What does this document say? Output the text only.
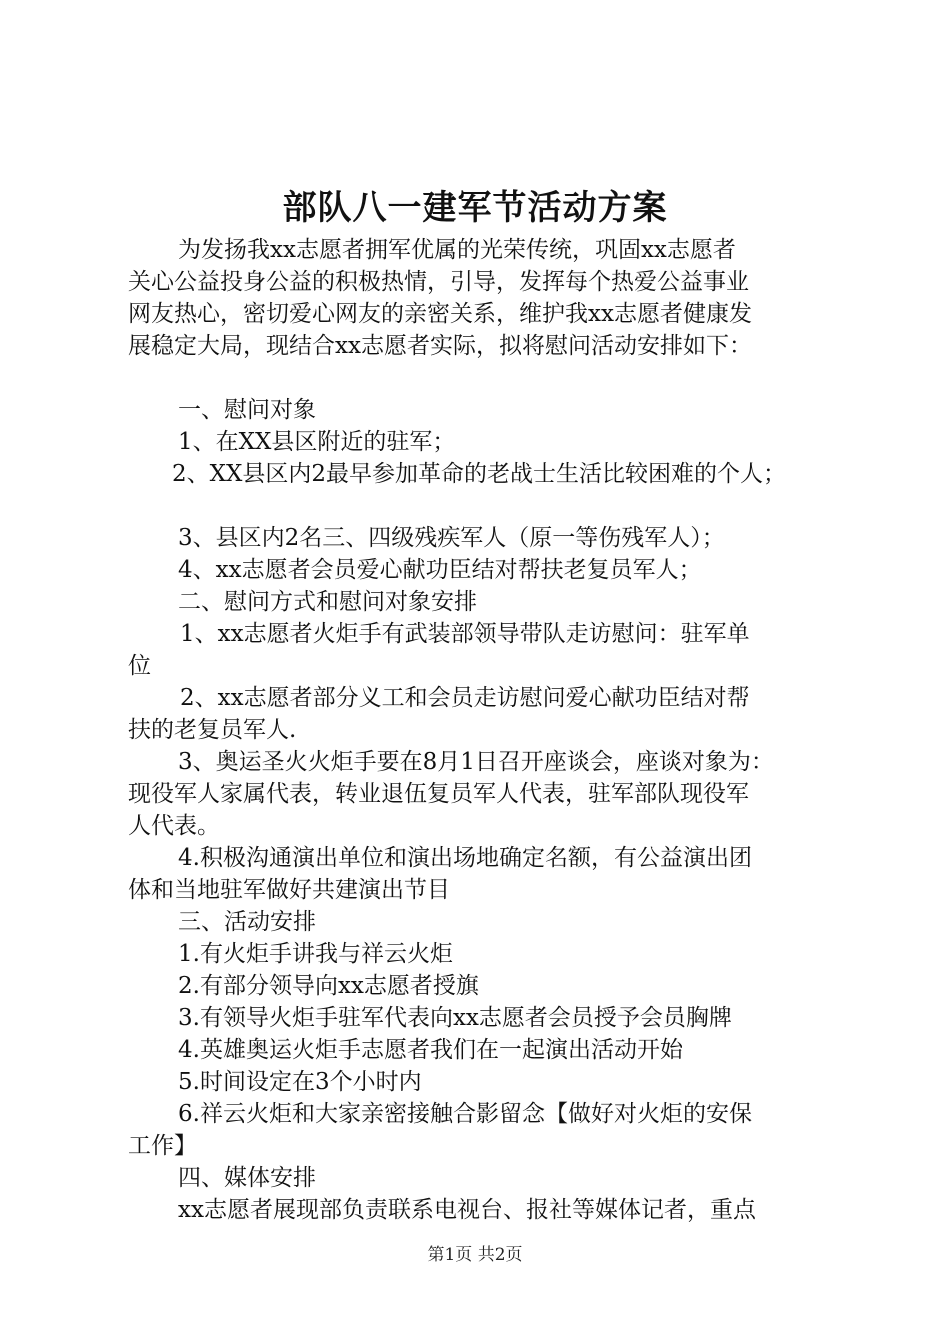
部队八一建军节活动方案
为发扬我xx志愿者拥军优属的光荣传统，巩固xx志愿者
关心公益投身公益的积极热情，引导，发挥每个热爱公益事业
网友热心，密切爱心网友的亲密关系，维护我xx志愿者健康发
展稳定大局，现结合xx志愿者实际，拟将慰问活动安排如下：
一、慰问对象
1、在XX县区附近的驻军；
2、XX县区内2最早参加革命的老战士生活比较困难的个人；
3、县区内2名三、四级残疾军人（原一等伤残军人）；
4、xx志愿者会员爱心献功臣结对帮扶老复员军人；
二、慰问方式和慰问对象安排
1、xx志愿者火炬手有武装部领导带队走访慰问：驻军单
位
2、xx志愿者部分义工和会员走访慰问爱心献功臣结对帮
扶的老复员军人.
3、奥运圣火火炬手要在8月1日召开座谈会，座谈对象为：
现役军人家属代表，转业退伍复员军人代表，驻军部队现役军
人代表。
4.积极沟通演出单位和演出场地确定名额，有公益演出团
体和当地驻军做好共建演出节目
三、活动安排
1.有火炬手讲我与祥云火炬
2.有部分领导向xx志愿者授旗
3.有领导火炬手驻军代表向xx志愿者会员授予会员胸牌
4.英雄奥运火炬手志愿者我们在一起演出活动开始
5.时间设定在3个小时内
6.祥云火炬和大家亲密接触合影留念【做好对火炬的安保
工作】
四、媒体安排
xx志愿者展现部负责联系电视台、报社等媒体记者，重点
第1页 共2页
